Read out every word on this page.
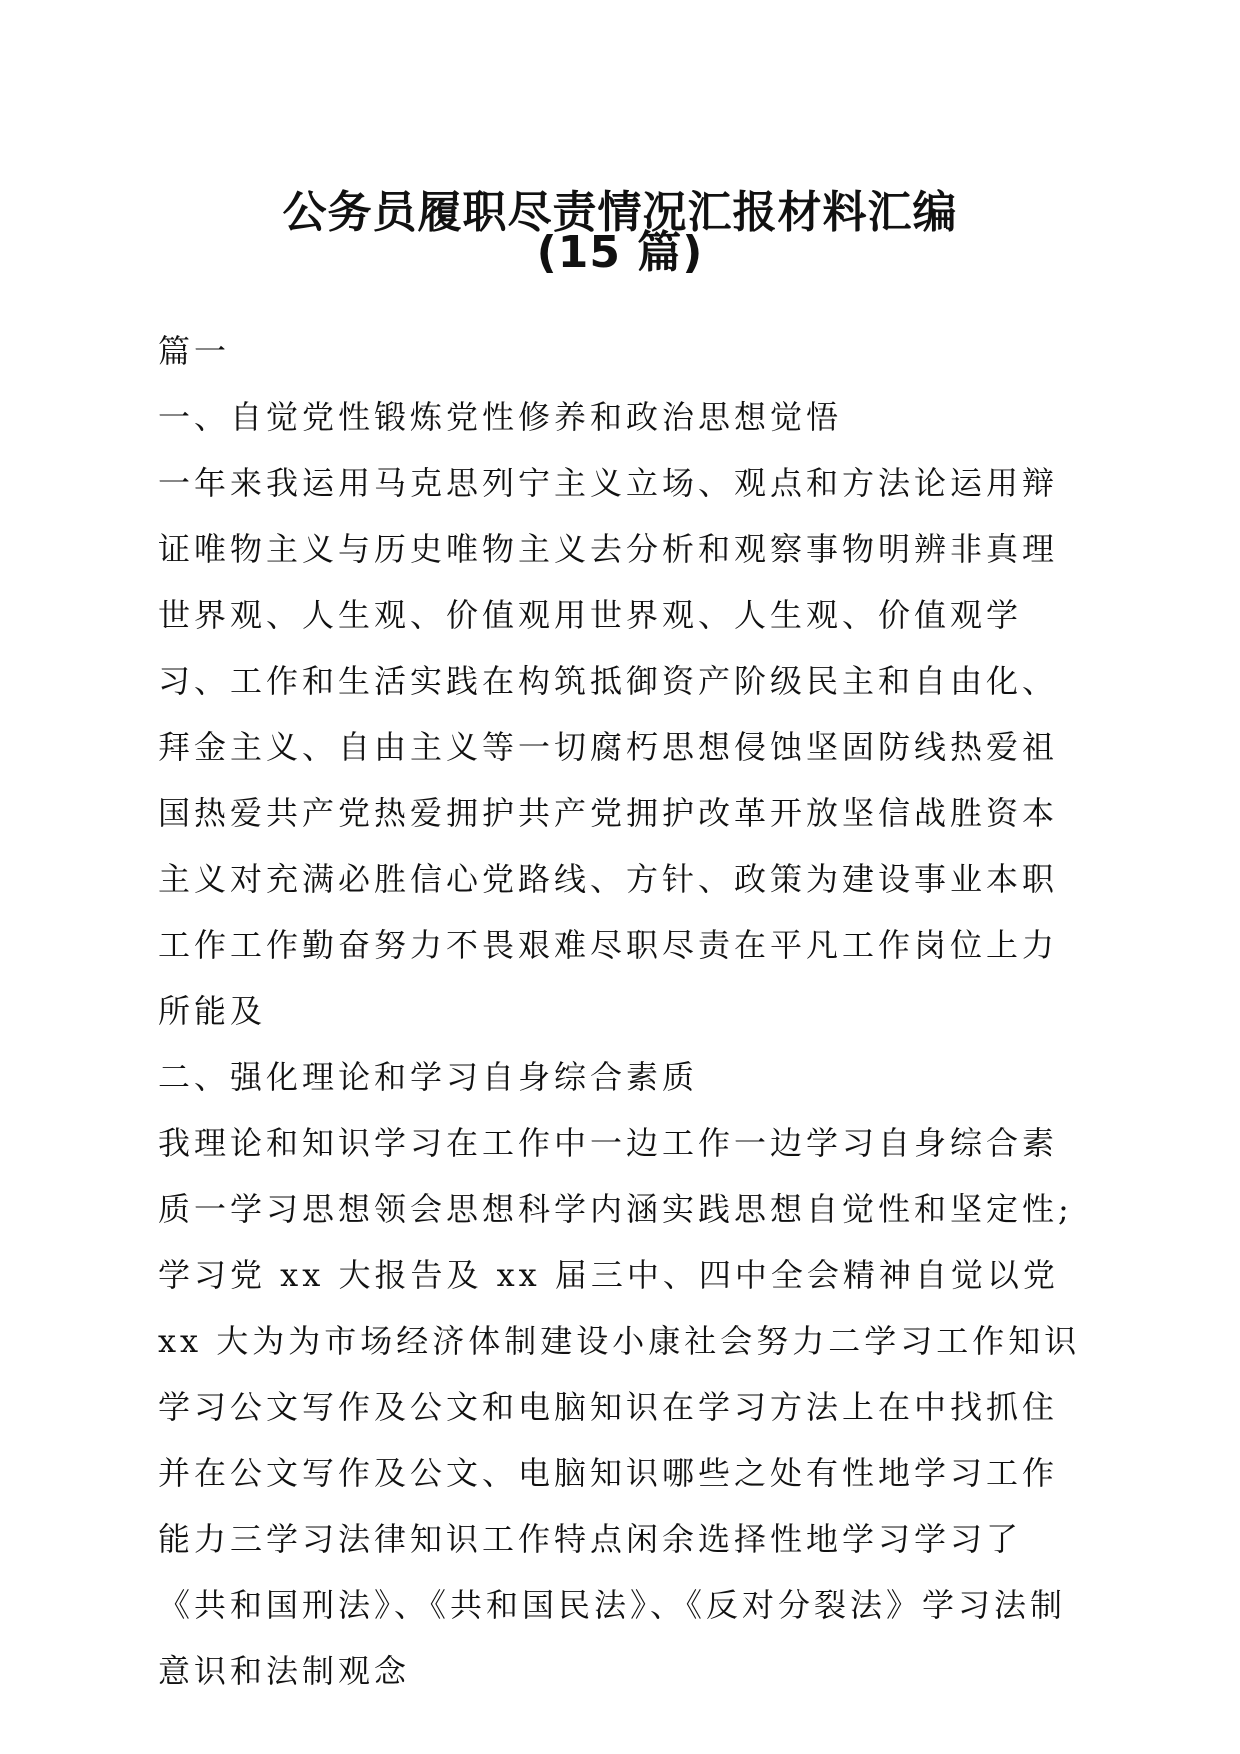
公务员履职尽责情况汇报材料汇编
(15 篇)

篇一

一、自觉党性锻炼党性修养和政治思想觉悟

一年来我运用马克思列宁主义立场、观点和方法论运用辩证唯物主义与历史唯物主义去分析和观察事物明辨非真理世界观、人生观、价值观用世界观、人生观、价值观学习、工作和生活实践在构筑抵御资产阶级民主和自由化、拜金主义、自由主义等一切腐朽思想侵蚀坚固防线热爱祖国热爱共产党热爱拥护共产党拥护改革开放坚信战胜资本主义对充满必胜信心党路线、方针、政策为建设事业本职工作工作勤奋努力不畏艰难尽职尽责在平凡工作岗位上力所能及

二、强化理论和学习自身综合素质

我理论和知识学习在工作中一边工作一边学习自身综合素质一学习思想领会思想科学内涵实践思想自觉性和坚定性;学习党 xx 大报告及 xx 届三中、四中全会精神自觉以党 xx 大为为市场经济体制建设小康社会努力二学习工作知识学习公文写作及公文和电脑知识在学习方法上在中找抓住并在公文写作及公文、电脑知识哪些之处有性地学习工作能力三学习法律知识工作特点闲余选择性地学习学习了《共和国刑法》、《共和国民法》、《反对分裂法》学习法制意识和法制观念
